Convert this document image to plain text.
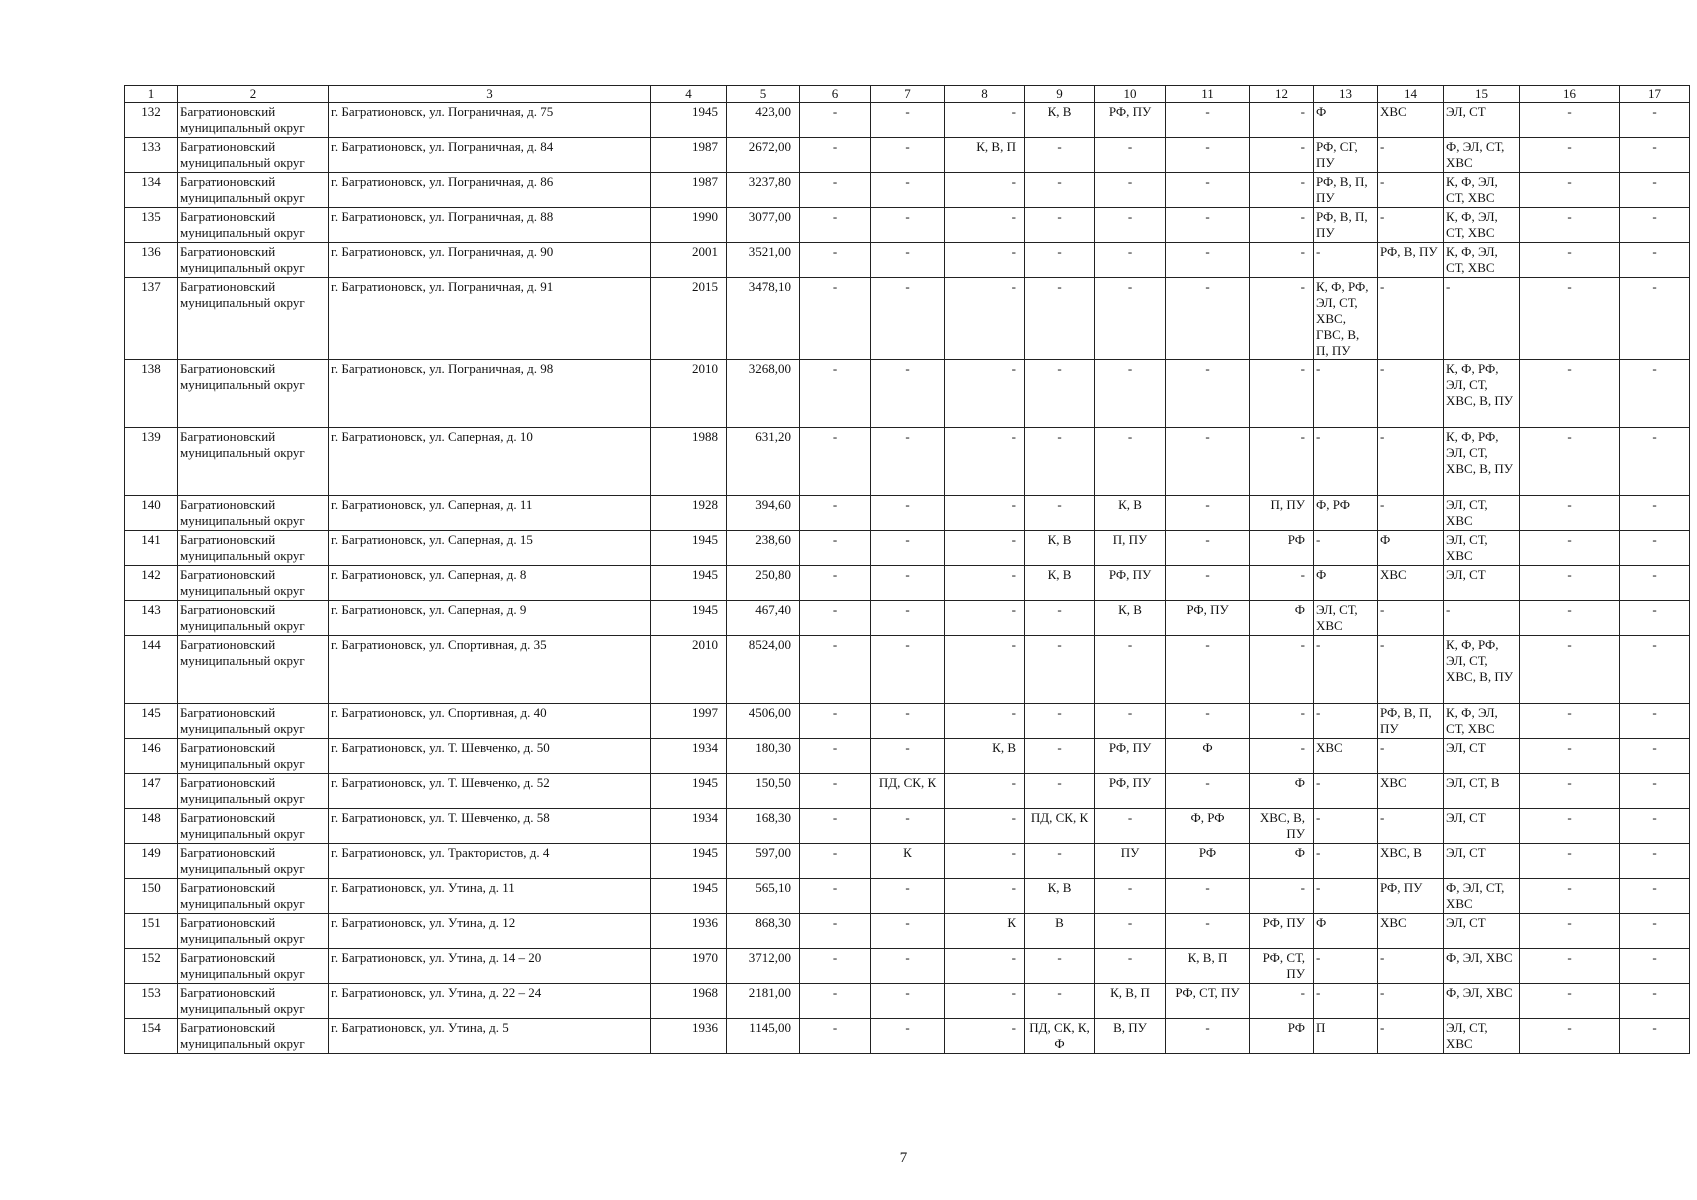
1	2	3	4	5	6	7	8	9	10	11	12	13	14	15	16	17
132	Багратионовский муниципальный округ	г. Багратионовск, ул. Пограничная, д. 75	1945	423,00	-	-	-	К, В	РФ, ПУ	-	-	Ф	ХВС	ЭЛ, СТ	-	-
133	Багратионовский муниципальный округ	г. Багратионовск, ул. Пограничная, д. 84	1987	2672,00	-	-	К, В, П	-	-	-	-	РФ, СГ, ПУ	-	Ф, ЭЛ, СТ, ХВС	-	-
134	Багратионовский муниципальный округ	г. Багратионовск, ул. Пограничная, д. 86	1987	3237,80	-	-	-	-	-	-	-	РФ, В, П, ПУ	-	К, Ф, ЭЛ, СТ, ХВС	-	-
135	Багратионовский муниципальный округ	г. Багратионовск, ул. Пограничная, д. 88	1990	3077,00	-	-	-	-	-	-	-	РФ, В, П, ПУ	-	К, Ф, ЭЛ, СТ, ХВС	-	-
136	Багратионовский муниципальный округ	г. Багратионовск, ул. Пограничная, д. 90	2001	3521,00	-	-	-	-	-	-	-	-	РФ, В, ПУ	К, Ф, ЭЛ, СТ, ХВС	-	-
137	Багратионовский муниципальный округ	г. Багратионовск, ул. Пограничная, д. 91	2015	3478,10	-	-	-	-	-	-	-	К, Ф, РФ, ЭЛ, СТ, ХВС, ГВС, В, П, ПУ	-	-	-	-
138	Багратионовский муниципальный округ	г. Багратионовск, ул. Пограничная, д. 98	2010	3268,00	-	-	-	-	-	-	-	-	-	К, Ф, РФ, ЭЛ, СТ, ХВС, В, ПУ	-	-
139	Багратионовский муниципальный округ	г. Багратионовск, ул. Саперная, д. 10	1988	631,20	-	-	-	-	-	-	-	-	-	К, Ф, РФ, ЭЛ, СТ, ХВС, В, ПУ	-	-
140	Багратионовский муниципальный округ	г. Багратионовск, ул. Саперная, д. 11	1928	394,60	-	-	-	-	К, В	-	П, ПУ	Ф, РФ	-	ЭЛ, СТ, ХВС	-	-
141	Багратионовский муниципальный округ	г. Багратионовск, ул. Саперная, д. 15	1945	238,60	-	-	-	К, В	П, ПУ	-	РФ	-	Ф	ЭЛ, СТ, ХВС	-	-
142	Багратионовский муниципальный округ	г. Багратионовск, ул. Саперная, д. 8	1945	250,80	-	-	-	К, В	РФ, ПУ	-	-	Ф	ХВС	ЭЛ, СТ	-	-
143	Багратионовский муниципальный округ	г. Багратионовск, ул. Саперная, д. 9	1945	467,40	-	-	-	-	К, В	РФ, ПУ	Ф	ЭЛ, СТ, ХВС	-	-	-	-
144	Багратионовский муниципальный округ	г. Багратионовск, ул. Спортивная, д. 35	2010	8524,00	-	-	-	-	-	-	-	-	-	К, Ф, РФ, ЭЛ, СТ, ХВС, В, ПУ	-	-
145	Багратионовский муниципальный округ	г. Багратионовск, ул. Спортивная, д. 40	1997	4506,00	-	-	-	-	-	-	-	-	РФ, В, П, ПУ	К, Ф, ЭЛ, СТ, ХВС	-	-
146	Багратионовский муниципальный округ	г. Багратионовск, ул. Т. Шевченко, д. 50	1934	180,30	-	-	К, В	-	РФ, ПУ	Ф	-	ХВС	-	ЭЛ, СТ	-	-
147	Багратионовский муниципальный округ	г. Багратионовск, ул. Т. Шевченко, д. 52	1945	150,50	-	ПД, СК, К	-	-	РФ, ПУ	-	Ф	-	ХВС	ЭЛ, СТ, В	-	-
148	Багратионовский муниципальный округ	г. Багратионовск, ул. Т. Шевченко, д. 58	1934	168,30	-	-	-	ПД, СК, К	-	Ф, РФ	ХВС, В, ПУ	-	-	ЭЛ, СТ	-	-
149	Багратионовский муниципальный округ	г. Багратионовск, ул. Трактористов, д. 4	1945	597,00	-	К	-	-	ПУ	РФ	Ф	-	ХВС, В	ЭЛ, СТ	-	-
150	Багратионовский муниципальный округ	г. Багратионовск, ул. Утина, д. 11	1945	565,10	-	-	-	К, В	-	-	-	-	РФ, ПУ	Ф, ЭЛ, СТ, ХВС	-	-
151	Багратионовский муниципальный округ	г. Багратионовск, ул. Утина, д. 12	1936	868,30	-	-	К	В	-	-	РФ, ПУ	Ф	ХВС	ЭЛ, СТ	-	-
152	Багратионовский муниципальный округ	г. Багратионовск, ул. Утина, д. 14 – 20	1970	3712,00	-	-	-	-	-	К, В, П	РФ, СТ, ПУ	-	-	Ф, ЭЛ, ХВС	-	-
153	Багратионовский муниципальный округ	г. Багратионовск, ул. Утина, д. 22 – 24	1968	2181,00	-	-	-	-	К, В, П	РФ, СТ, ПУ	-	-	-	Ф, ЭЛ, ХВС	-	-
154	Багратионовский муниципальный округ	г. Багратионовск, ул. Утина, д. 5	1936	1145,00	-	-	-	ПД, СК, К, Ф	В, ПУ	-	РФ	П	-	ЭЛ, СТ, ХВС	-	-
7
